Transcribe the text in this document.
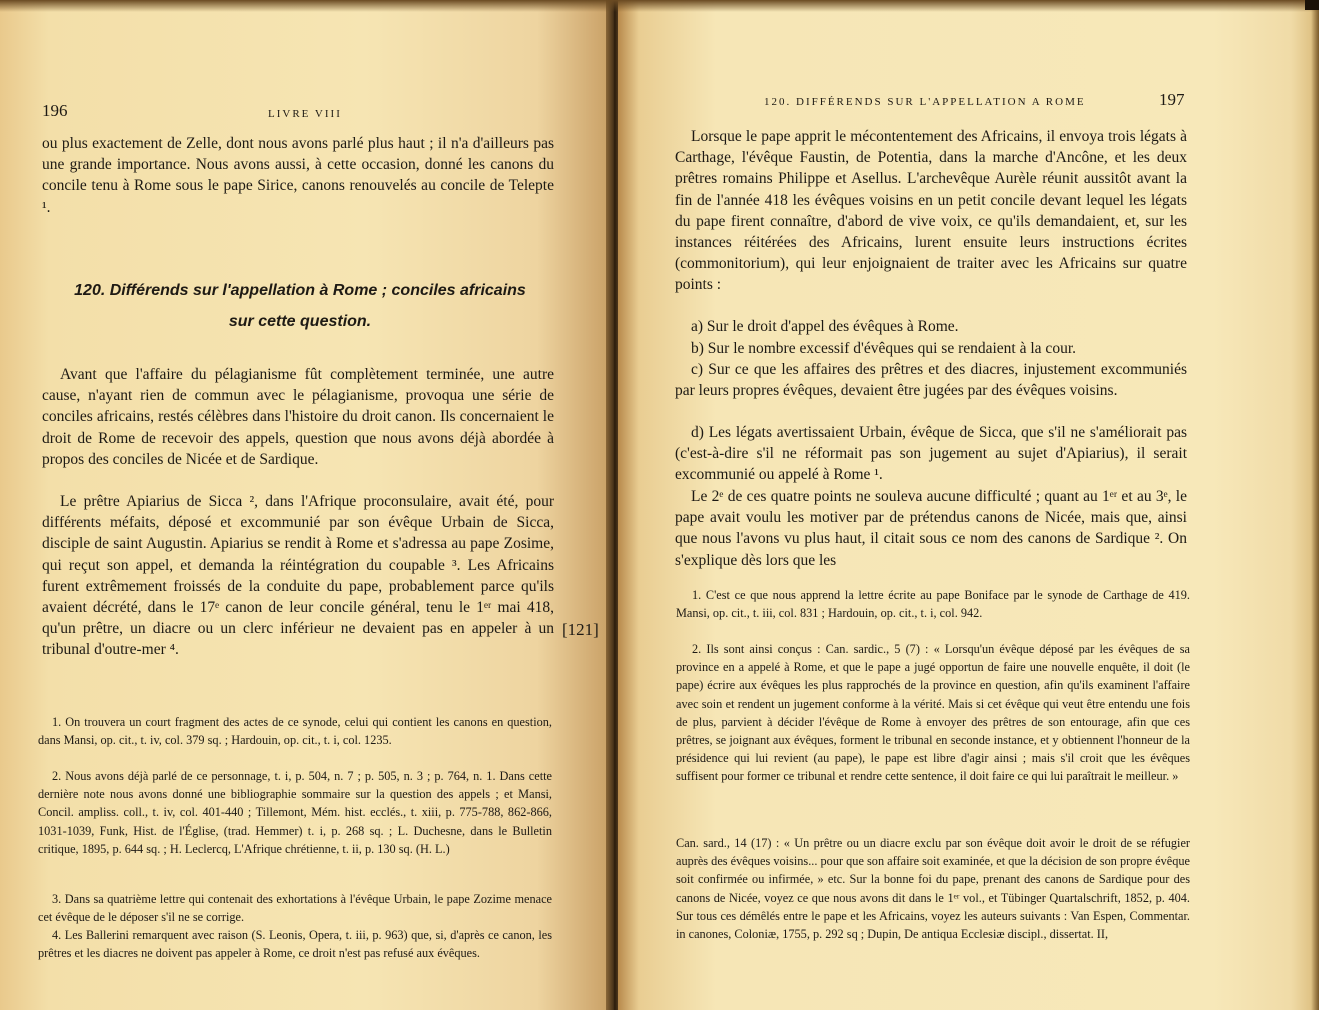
196	LIVRE VIII

ou plus exactement de Zelle, dont nous avons parlé plus haut ; il n'a d'ailleurs pas une grande importance. Nous avons aussi, à cette occasion, donné les canons du concile tenu à Rome sous le pape Sirice, canons renouvelés au concile de Telepte ¹.

120. Différends sur l'appellation à Rome ; conciles africains

sur cette question.

Avant que l'affaire du pélagianisme fût complètement terminée, une autre cause, n'ayant rien de commun avec le pélagianisme, provoqua une série de conciles africains, restés célèbres dans l'histoire du droit canon. Ils concernaient le droit de Rome de recevoir des appels, question que nous avons déjà abordée à propos des conciles de Nicée et de Sardique.

Le prêtre Apiarius de Sicca ², dans l'Afrique proconsulaire, avait été, pour différents méfaits, déposé et excommunié par son évêque Urbain de Sicca, disciple de saint Augustin. Apiarius se rendit à Rome et s'adressa au pape Zosime, qui reçut son appel, et demanda la réintégration du coupable ³. Les Africains furent extrêmement froissés de la conduite du pape, probablement parce qu'ils avaient décrété, dans le 17ᵉ canon de leur concile général, tenu le 1ᵉʳ mai 418, qu'un prêtre, un diacre ou un clerc inférieur ne devaient pas en appeler à un tribunal d'outre-mer ⁴.

1. On trouvera un court fragment des actes de ce synode, celui qui contient les canons en question, dans Mansi, op. cit., t. iv, col. 379 sq. ; Hardouin, op. cit., t. i, col. 1235.

2. Nous avons déjà parlé de ce personnage, t. i, p. 504, n. 7 ; p. 505, n. 3 ; p. 764, n. 1. Dans cette dernière note nous avons donné une bibliographie sommaire sur la question des appels ; et Mansi, Concil. ampliss. coll., t. iv, col. 401-440 ; Tillemont, Mém. hist. ecclés., t. xiii, p. 775-788, 862-866, 1031-1039, Funk, Hist. de l'Église, (trad. Hemmer) t. i, p. 268 sq. ; L. Duchesne, dans le Bulletin critique, 1895, p. 644 sq. ; H. Leclercq, L'Afrique chrétienne, t. ii, p. 130 sq. (H. L.)

3. Dans sa quatrième lettre qui contenait des exhortations à l'évêque Urbain, le pape Zozime menace cet évêque de le déposer s'il ne se corrige.

4. Les Ballerini remarquent avec raison (S. Leonis, Opera, t. iii, p. 963) que, si, d'après ce canon, les prêtres et les diacres ne doivent pas appeler à Rome, ce droit n'est pas refusé aux évêques.

120. DIFFÉRENDS SUR L'APPELLATION A ROME	197

Lorsque le pape apprit le mécontentement des Africains, il envoya trois légats à Carthage, l'évêque Faustin, de Potentia, dans la marche d'Ancône, et les deux prêtres romains Philippe et Asellus. L'archevêque Aurèle réunit aussitôt avant la fin de l'année 418 les évêques voisins en un petit concile devant lequel les légats du pape firent connaître, d'abord de vive voix, ce qu'ils demandaient, et, sur les instances réitérées des Africains, lurent ensuite leurs instructions écrites (commonitorium), qui leur enjoignaient de traiter avec les Africains sur quatre points :

a) Sur le droit d'appel des évêques à Rome.

b) Sur le nombre excessif d'évêques qui se rendaient à la cour.

c) Sur ce que les affaires des prêtres et des diacres, injustement excommuniés par leurs propres évêques, devaient être jugées par des évêques voisins.

d) Les légats avertissaient Urbain, évêque de Sicca, que s'il ne s'améliorait pas (c'est-à-dire s'il ne réformait pas son jugement au sujet d'Apiarius), il serait excommunié ou appelé à Rome ¹.

Le 2ᵉ de ces quatre points ne souleva aucune difficulté ; quant au 1ᵉʳ et au 3ᵉ, le pape avait voulu les motiver par de prétendus canons de Nicée, mais que, ainsi que nous l'avons vu plus haut, il citait sous ce nom des canons de Sardique ². On s'explique dès lors que les

1. C'est ce que nous apprend la lettre écrite au pape Boniface par le synode de Carthage de 419. Mansi, op. cit., t. iii, col. 831 ; Hardouin, op. cit., t. i, col. 942.

2. Ils sont ainsi conçus : Can. sardic., 5 (7) : « Lorsqu'un évêque déposé par les évêques de sa province en a appelé à Rome, et que le pape a jugé opportun de faire une nouvelle enquête, il doit (le pape) écrire aux évêques les plus rapprochés de la province en question, afin qu'ils examinent l'affaire avec soin et rendent un jugement conforme à la vérité. Mais si cet évêque qui veut être entendu une fois de plus, parvient à décider l'évêque de Rome à envoyer des prêtres de son entourage, afin que ces prêtres, se joignant aux évêques, forment le tribunal en seconde instance, et y obtiennent l'honneur de la présidence qui lui revient (au pape), le pape est libre d'agir ainsi ; mais s'il croit que les évêques suffisent pour former ce tribunal et rendre cette sentence, il doit faire ce qui lui paraîtrait le meilleur. »

Can. sard., 14 (17) : « Un prêtre ou un diacre exclu par son évêque doit avoir le droit de se réfugier auprès des évêques voisins... pour que son affaire soit examinée, et que la décision de son propre évêque soit confirmée ou infirmée, » etc. Sur la bonne foi du pape, prenant des canons de Sardique pour des canons de Nicée, voyez ce que nous avons dit dans le 1ᵉʳ vol., et Tübinger Quartalschrift, 1852, p. 404. Sur tous ces démêlés entre le pape et les Africains, voyez les auteurs suivants : Van Espen, Commentar. in canones, Coloniæ, 1755, p. 292 sq ; Dupin, De antiqua Ecclesiæ discipl., dissertat. II,

[121]
